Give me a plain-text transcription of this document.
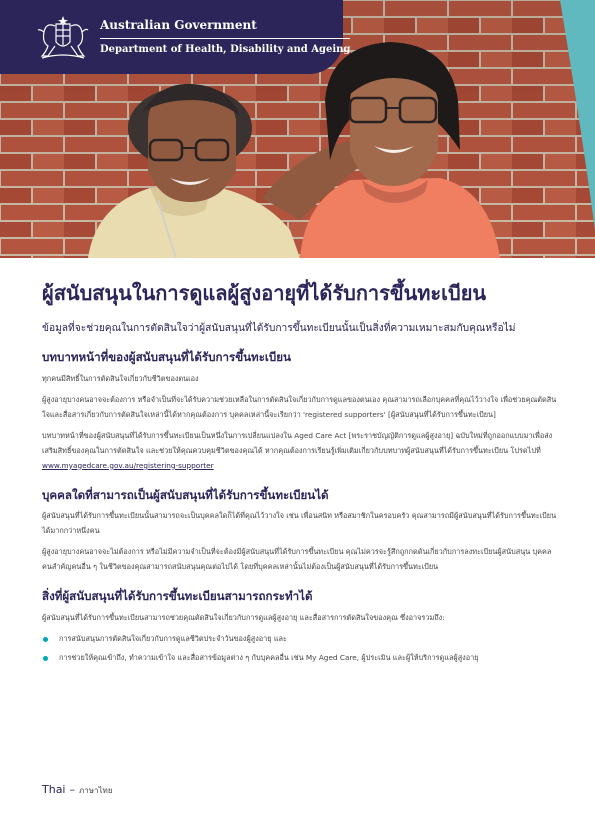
Australian Government
Department of Health, Disability and Ageing
ผู้สนับสนุนในการดูแลผู้สูงอายุที่ได้รับการขึ้นทะเบียน

ข้อมูลที่จะช่วยคุณในการตัดสินใจว่าผู้สนับสนุนที่ได้รับการขึ้นทะเบียนนั้นเป็นสิ่งที่ความเหมาะสมกับคุณหรือไม่

บทบาทหน้าที่ของผู้สนับสนุนที่ได้รับการขึ้นทะเบียน

ทุกคนมีสิทธิ์ในการตัดสินใจเกี่ยวกับชีวิตของตนเอง

ผู้สูงอายุบางคนอาจจะต้องการ หรือจำเป็นที่จะได้รับความช่วยเหลือในการตัดสินใจเกี่ยวกับการดูแลของตนเอง คุณสามารถเลือกบุคคลที่คุณไว้วางใจ เพื่อช่วยคุณตัดสินใจและสื่อสารเกี่ยวกับการตัดสินใจเหล่านี้ได้หากคุณต้องการ บุคคลเหล่านี้จะเรียกว่า 'registered supporters' [ผู้สนับสนุนที่ได้รับการขึ้นทะเบียน]

บทบาทหน้าที่ของผู้สนับสนุนที่ได้รับการขึ้นทะเบียนเป็นหนึ่งในการเปลี่ยนแปลงใน Aged Care Act [พระราชบัญญัติการดูแลผู้สูงอายุ] ฉบับใหม่ที่ถูกออกแบบมาเพื่อส่งเสริมสิทธิ์ของคุณในการตัดสินใจ และช่วยให้คุณควบคุมชีวิตของคุณได้ หากคุณต้องการเรียนรู้เพิ่มเติมเกี่ยวกับบทบาทผู้สนับสนุนที่ได้รับการขึ้นทะเบียน โปรดไปที่ www.myagedcare.gov.au/registering-supporter

บุคคลใดที่สามารถเป็นผู้สนับสนุนที่ได้รับการขึ้นทะเบียนได้

ผู้สนับสนุนที่ได้รับการขึ้นทะเบียนนั้นสามารถจะเป็นบุคคลใดก็ได้ที่คุณไว้วางใจ เช่น เพื่อนสนิท หรือสมาชิกในครอบครัว คุณสามารถมีผู้สนับสนุนที่ได้รับการขึ้นทะเบียนได้มากกว่าหนึ่งคน

ผู้สูงอายุบางคนอาจจะไม่ต้องการ หรือไม่มีความจำเป็นที่จะต้องมีผู้สนับสนุนที่ได้รับการขึ้นทะเบียน คุณไม่ควรจะรู้สึกถูกกดดันเกี่ยวกับการลงทะเบียนผู้สนับสนุน บุคคลคนสำคัญคนอื่น ๆ ในชีวิตของคุณสามารถสนับสนุนคุณต่อไปได้ โดยที่บุคคลเหล่านั้นไม่ต้องเป็นผู้สนับสนุนที่ได้รับการขึ้นทะเบียน

สิ่งที่ผู้สนับสนุนที่ได้รับการขึ้นทะเบียนสามารถกระทำได้

ผู้สนับสนุนที่ได้รับการขึ้นทะเบียนสามารถช่วยคุณตัดสินใจเกี่ยวกับการดูแลผู้สูงอายุ และสื่อสารการตัดสินใจของคุณ ซึ่งอาจรวมถึง:

การสนับสนุนการตัดสินใจเกี่ยวกับการดูแลชีวิตประจำวันของผู้สูงอายุ และ
การช่วยให้คุณเข้าถึง, ทำความเข้าใจ และสื่อสารข้อมูลต่าง ๆ กับบุคคลอื่น เช่น My Aged Care, ผู้ประเมิน และผู้ให้บริการดูแลผู้สูงอายุ
Thai – ภาษาไทย
